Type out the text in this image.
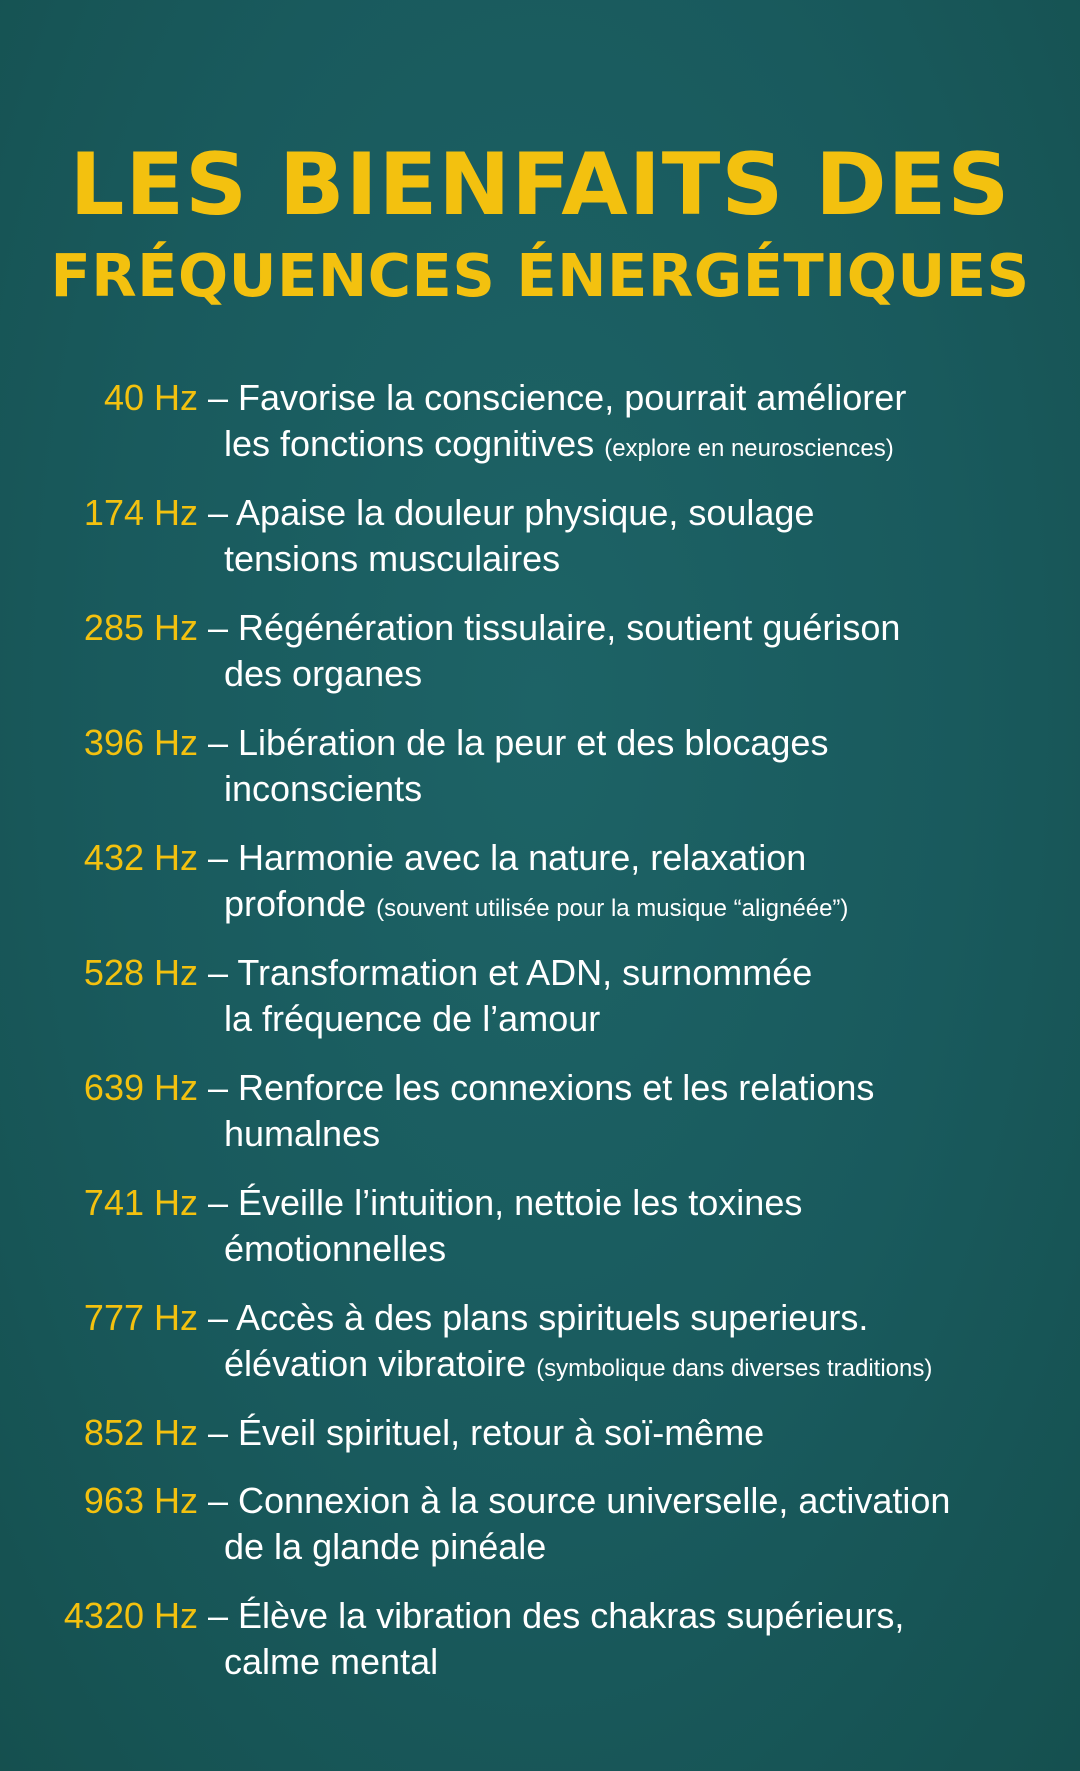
LES BIENFAITS DES
FRÉQUENCES ÉNERGÉTIQUES
40 Hz – Favorise la conscience, pourrait améliorer
les fonctions cognitives (explore en neurosciences)
174 Hz – Apaise la douleur physique, soulage
tensions musculaires
285 Hz – Régénération tissulaire, soutient guérison
des organes
396 Hz – Libération de la peur et des blocages
inconscients
432 Hz – Harmonie avec la nature, relaxation
profonde (souvent utilisée pour la musique “alignéée”)
528 Hz – Transformation et ADN, surnommée
la fréquence de l’amour
639 Hz – Renforce les connexions et les relations
humalnes
741 Hz – Éveille l’intuition, nettoie les toxines
émotionnelles
777 Hz – Accès à des plans spirituels superieurs.
élévation vibratoire (symbolique dans diverses traditions)
852 Hz – Éveil spirituel, retour à soï-même
963 Hz – Connexion à la source universelle, activation
de la glande pinéale
4320 Hz – Élève la vibration des chakras supérieurs,
calme mental
